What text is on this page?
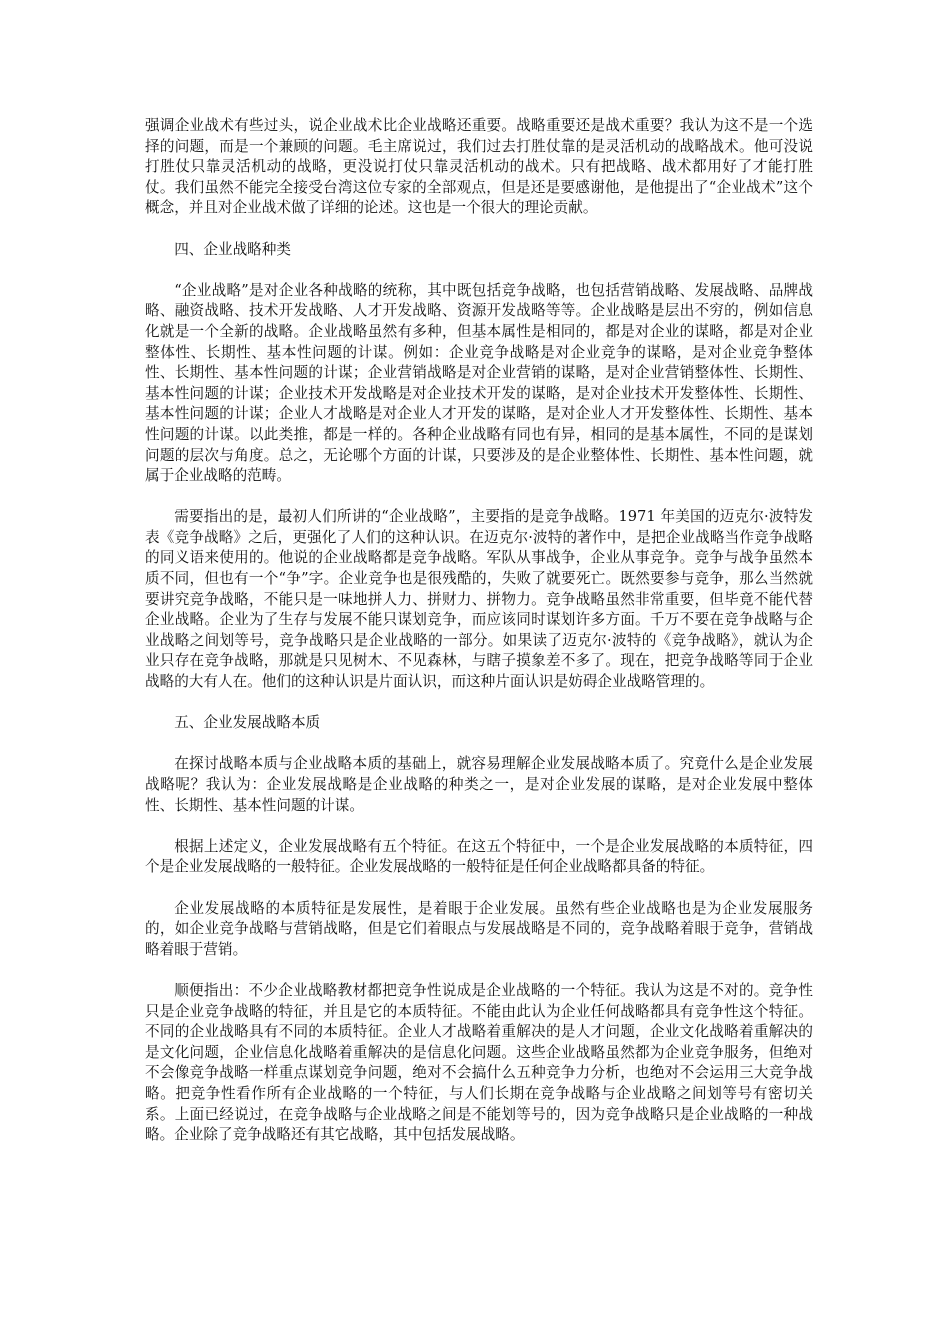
强调企业战术有些过头，说企业战术比企业战略还重要。战略重要还是战术重要？我认为这不是一个选择的问题，而是一个兼顾的问题。毛主席说过，我们过去打胜仗靠的是灵活机动的战略战术。他可没说打胜仗只靠灵活机动的战略，更没说打仗只靠灵活机动的战术。只有把战略、战术都用好了才能打胜仗。我们虽然不能完全接受台湾这位专家的全部观点，但是还是要感谢他，是他提出了“企业战术”这个概念，并且对企业战术做了详细的论述。这也是一个很大的理论贡献。

四、企业战略种类

“企业战略”是对企业各种战略的统称，其中既包括竞争战略，也包括营销战略、发展战略、品牌战略、融资战略、技术开发战略、人才开发战略、资源开发战略等等。企业战略是层出不穷的，例如信息化就是一个全新的战略。企业战略虽然有多种，但基本属性是相同的，都是对企业的谋略，都是对企业整体性、长期性、基本性问题的计谋。例如：企业竞争战略是对企业竞争的谋略，是对企业竞争整体性、长期性、基本性问题的计谋；企业营销战略是对企业营销的谋略，是对企业营销整体性、长期性、基本性问题的计谋；企业技术开发战略是对企业技术开发的谋略，是对企业技术开发整体性、长期性、基本性问题的计谋；企业人才战略是对企业人才开发的谋略，是对企业人才开发整体性、长期性、基本性问题的计谋。以此类推，都是一样的。各种企业战略有同也有异，相同的是基本属性，不同的是谋划问题的层次与角度。总之，无论哪个方面的计谋，只要涉及的是企业整体性、长期性、基本性问题，就属于企业战略的范畴。

需要指出的是，最初人们所讲的“企业战略”，主要指的是竞争战略。1971 年美国的迈克尔·波特发表《竞争战略》之后，更强化了人们的这种认识。在迈克尔·波特的著作中，是把企业战略当作竞争战略的同义语来使用的。他说的企业战略都是竞争战略。军队从事战争，企业从事竞争。竞争与战争虽然本质不同，但也有一个“争”字。企业竞争也是很残酷的，失败了就要死亡。既然要参与竞争，那么当然就要讲究竞争战略，不能只是一味地拼人力、拼财力、拼物力。竞争战略虽然非常重要，但毕竟不能代替企业战略。企业为了生存与发展不能只谋划竞争，而应该同时谋划许多方面。千万不要在竞争战略与企业战略之间划等号，竞争战略只是企业战略的一部分。如果读了迈克尔·波特的《竞争战略》，就认为企业只存在竞争战略，那就是只见树木、不见森林，与瞎子摸象差不多了。现在，把竞争战略等同于企业战略的大有人在。他们的这种认识是片面认识，而这种片面认识是妨碍企业战略管理的。

五、企业发展战略本质

在探讨战略本质与企业战略本质的基础上，就容易理解企业发展战略本质了。究竟什么是企业发展战略呢？我认为：企业发展战略是企业战略的种类之一，是对企业发展的谋略，是对企业发展中整体性、长期性、基本性问题的计谋。

根据上述定义，企业发展战略有五个特征。在这五个特征中，一个是企业发展战略的本质特征，四个是企业发展战略的一般特征。企业发展战略的一般特征是任何企业战略都具备的特征。

企业发展战略的本质特征是发展性，是着眼于企业发展。虽然有些企业战略也是为企业发展服务的，如企业竞争战略与营销战略，但是它们着眼点与发展战略是不同的，竞争战略着眼于竞争，营销战略着眼于营销。

顺便指出：不少企业战略教材都把竞争性说成是企业战略的一个特征。我认为这是不对的。竞争性只是企业竞争战略的特征，并且是它的本质特征。不能由此认为企业任何战略都具有竞争性这个特征。不同的企业战略具有不同的本质特征。企业人才战略着重解决的是人才问题，企业文化战略着重解决的是文化问题，企业信息化战略着重解决的是信息化问题。这些企业战略虽然都为企业竞争服务，但绝对不会像竞争战略一样重点谋划竞争问题，绝对不会搞什么五种竞争力分析，也绝对不会运用三大竞争战略。把竞争性看作所有企业战略的一个特征，与人们长期在竞争战略与企业战略之间划等号有密切关系。上面已经说过，在竞争战略与企业战略之间是不能划等号的，因为竞争战略只是企业战略的一种战略。企业除了竞争战略还有其它战略，其中包括发展战略。
